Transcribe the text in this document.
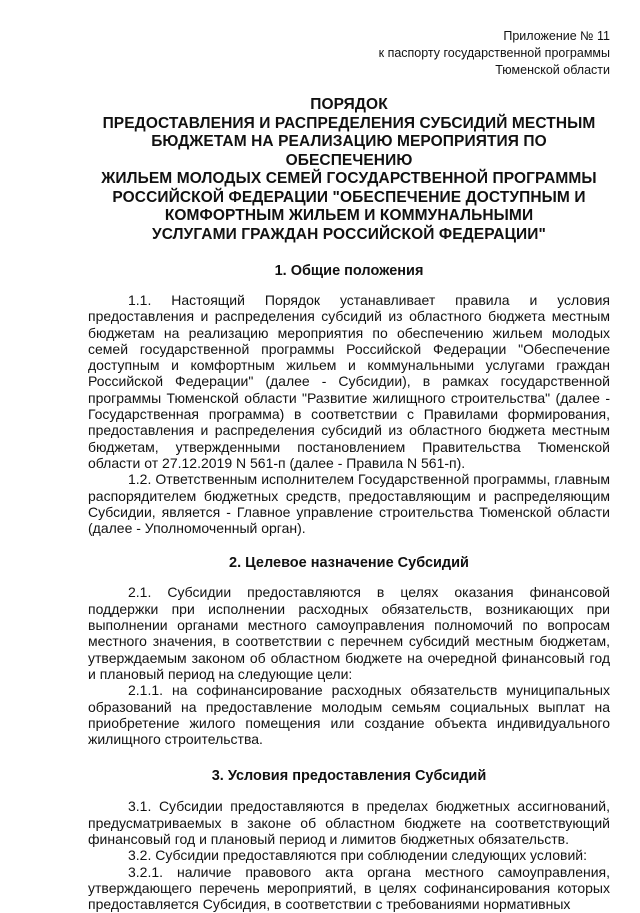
Приложение № 11
к паспорту государственной программы
Тюменской области
ПОРЯДОК
ПРЕДОСТАВЛЕНИЯ И РАСПРЕДЕЛЕНИЯ СУБСИДИЙ МЕСТНЫМ
БЮДЖЕТАМ НА РЕАЛИЗАЦИЮ МЕРОПРИЯТИЯ ПО ОБЕСПЕЧЕНИЮ
ЖИЛЬЕМ МОЛОДЫХ СЕМЕЙ ГОСУДАРСТВЕННОЙ ПРОГРАММЫ
РОССИЙСКОЙ ФЕДЕРАЦИИ "ОБЕСПЕЧЕНИЕ ДОСТУПНЫМ И
КОМФОРТНЫМ ЖИЛЬЕМ И КОММУНАЛЬНЫМИ
УСЛУГАМИ ГРАЖДАН РОССИЙСКОЙ ФЕДЕРАЦИИ"
1. Общие положения

1.1. Настоящий Порядок устанавливает правила и условия предоставления и распределения субсидий из областного бюджета местным бюджетам на реализацию мероприятия по обеспечению жильем молодых семей государственной программы Российской Федерации "Обеспечение доступным и комфортным жильем и коммунальными услугами граждан Российской Федерации" (далее - Субсидии), в рамках государственной программы Тюменской области "Развитие жилищного строительства" (далее - Государственная программа) в соответствии с Правилами формирования, предоставления и распределения субсидий из областного бюджета местным бюджетам, утвержденными постановлением Правительства Тюменской области от 27.12.2019 N 561-п (далее - Правила N 561-п).

1.2. Ответственным исполнителем Государственной программы, главным распорядителем бюджетных средств, предоставляющим и распределяющим Субсидии, является - Главное управление строительства Тюменской области (далее - Уполномоченный орган).

2. Целевое назначение Субсидий

2.1. Субсидии предоставляются в целях оказания финансовой поддержки при исполнении расходных обязательств, возникающих при выполнении органами местного самоуправления полномочий по вопросам местного значения, в соответствии с перечнем субсидий местным бюджетам, утверждаемым законом об областном бюджете на очередной финансовый год и плановый период на следующие цели:

2.1.1. на софинансирование расходных обязательств муниципальных образований на предоставление молодым семьям социальных выплат на приобретение жилого помещения или создание объекта индивидуального жилищного строительства.

3. Условия предоставления Субсидий

3.1. Субсидии предоставляются в пределах бюджетных ассигнований, предусматриваемых в законе об областном бюджете на соответствующий финансовый год и плановый период и лимитов бюджетных обязательств.

3.2. Субсидии предоставляются при соблюдении следующих условий:

3.2.1. наличие правового акта органа местного самоуправления, утверждающего перечень мероприятий, в целях софинансирования которых предоставляется Субсидия, в соответствии с требованиями нормативных
